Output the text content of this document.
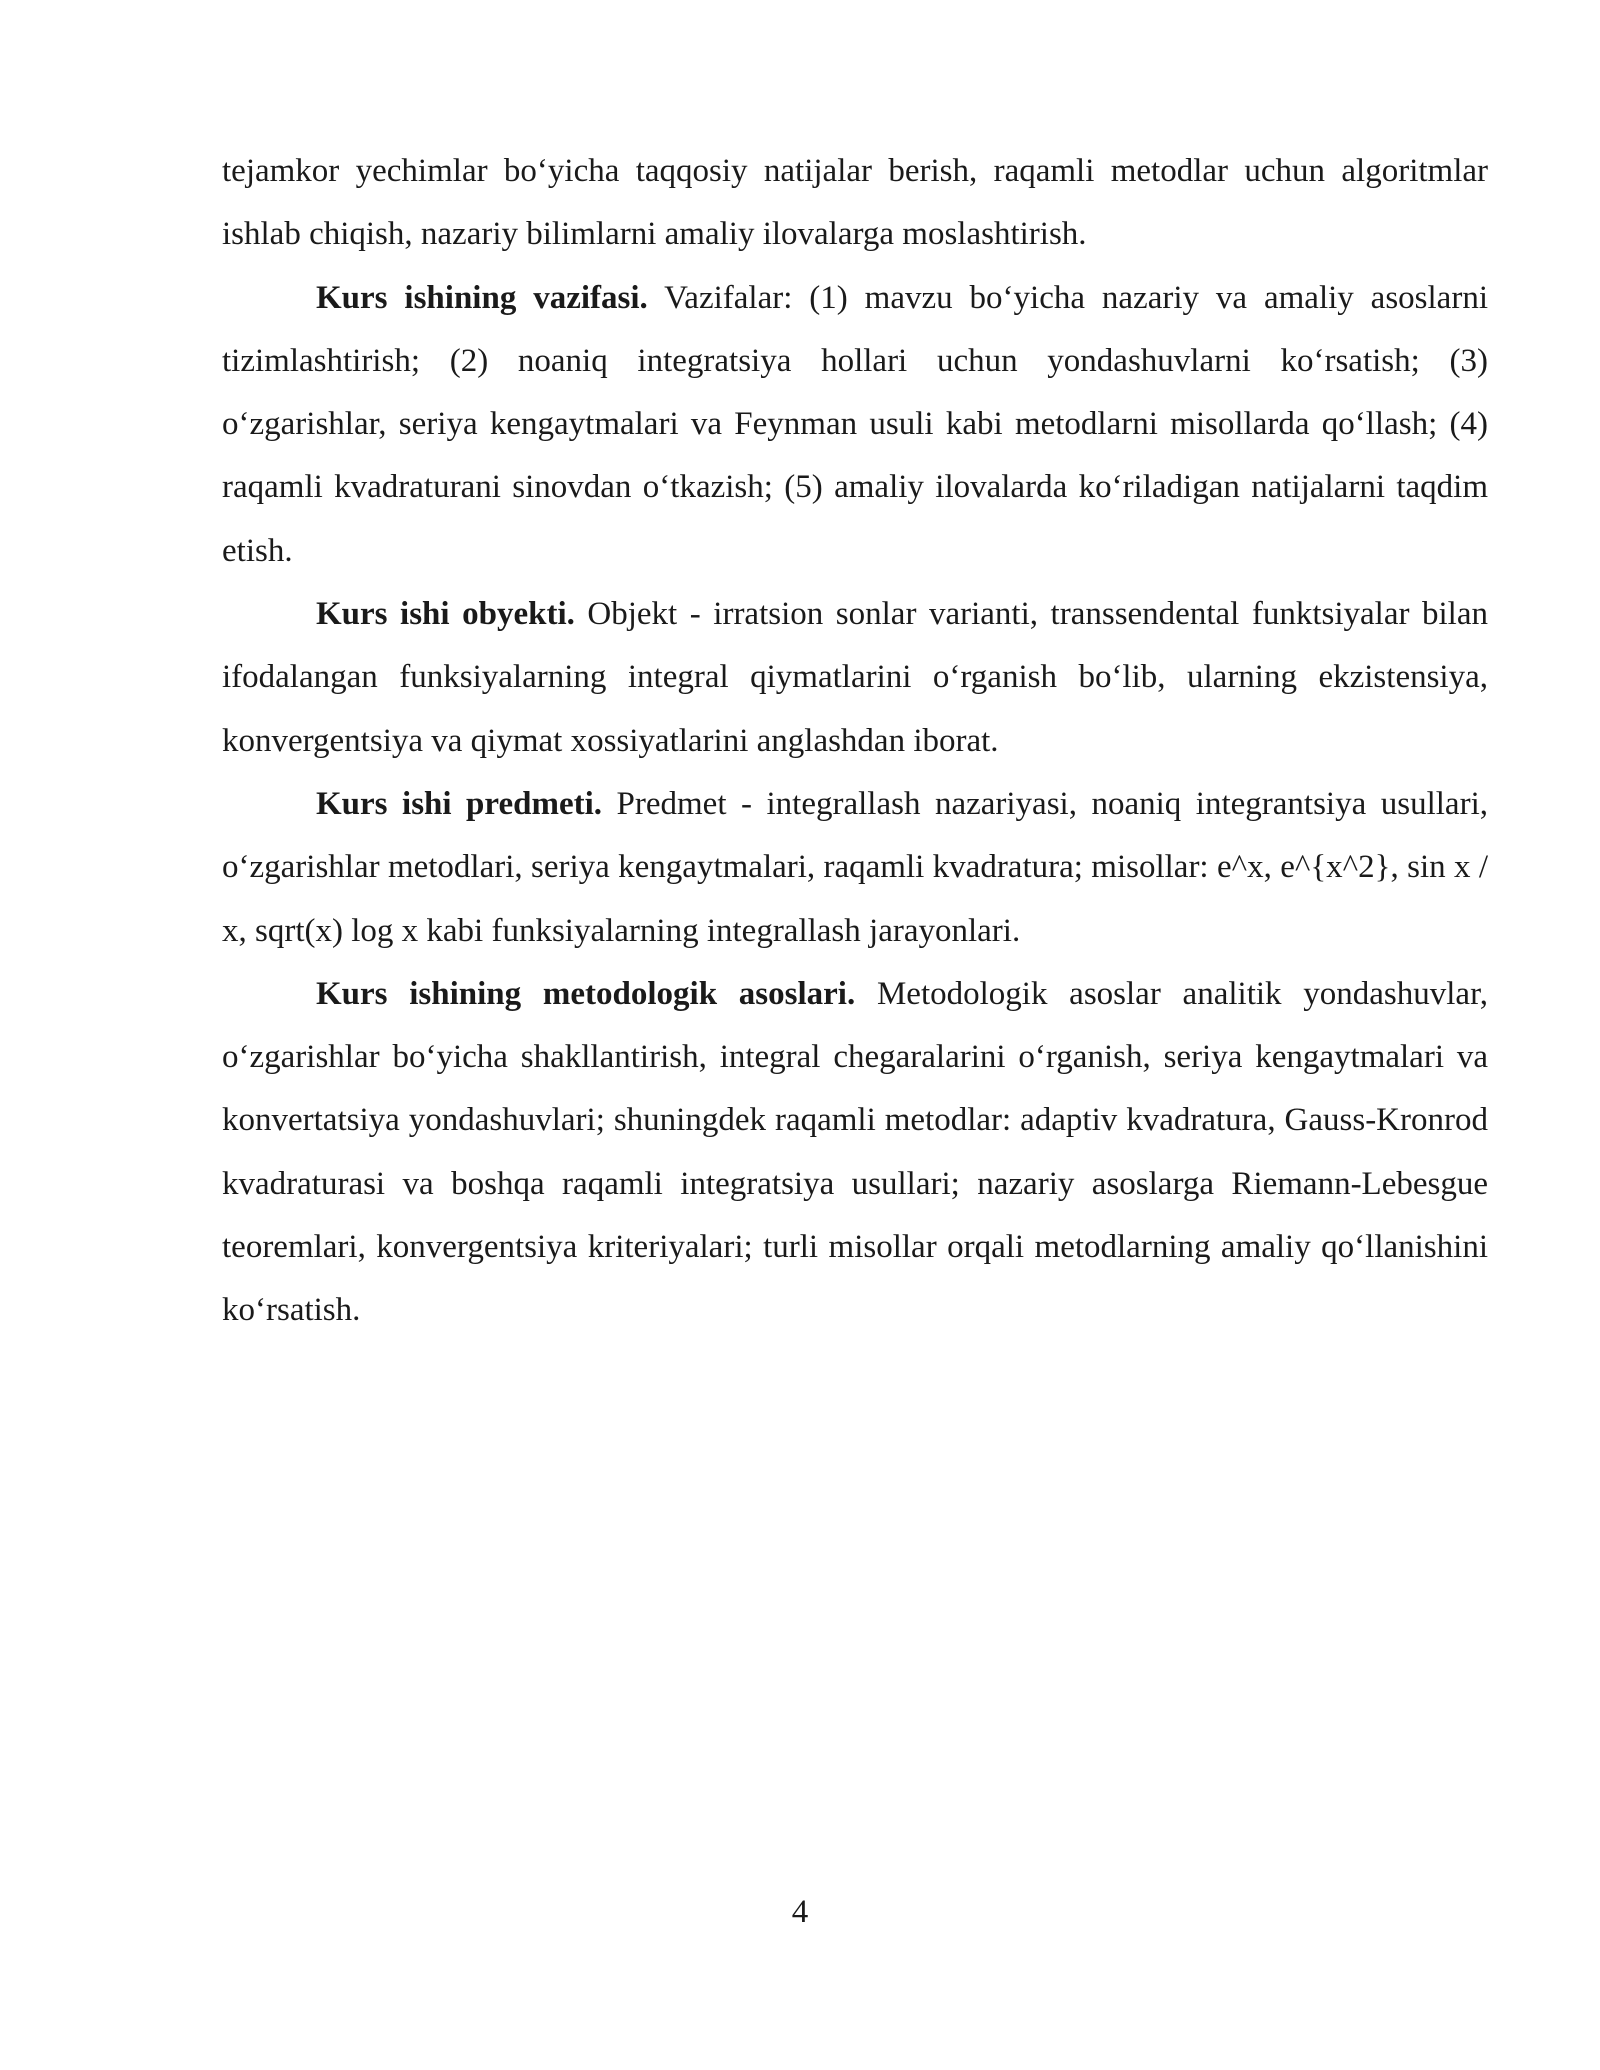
tejamkor yechimlar bo‘yicha taqqosiy natijalar berish, raqamli metodlar uchun algoritmlar ishlab chiqish, nazariy bilimlarni amaliy ilovalarga moslashtirish.

Kurs ishining vazifasi. Vazifalar: (1) mavzu bo‘yicha nazariy va amaliy asoslarni tizimlashtirish; (2) noaniq integratsiya hollari uchun yondashuvlarni ko‘rsatish; (3) o‘zgarishlar, seriya kengaytmalari va Feynman usuli kabi metodlarni misollarda qo‘llash; (4) raqamli kvadraturani sinovdan o‘tkazish; (5) amaliy ilovalarda ko‘riladigan natijalarni taqdim etish.

Kurs ishi obyekti. Objekt - irratsion sonlar varianti, transsendental funktsiyalar bilan ifodalangan funksiyalarning integral qiymatlarini o‘rganish bo‘lib, ularning ekzistensiya, konvergentsiya va qiymat xossiyatlarini anglashdan iborat.

Kurs ishi predmeti. Predmet - integrallash nazariyasi, noaniq integrantsiya usullari, o‘zgarishlar metodlari, seriya kengaytmalari, raqamli kvadratura; misollar: e^x, e^{x^2}, sin x / x, sqrt(x) log x kabi funksiyalarning integrallash jarayonlari.

Kurs ishining metodologik asoslari. Metodologik asoslar analitik yondashuvlar, o‘zgarishlar bo‘yicha shakllantirish, integral chegaralarini o‘rganish, seriya kengaytmalari va konvertatsiya yondashuvlari; shuningdek raqamli metodlar: adaptiv kvadratura, Gauss-Kronrod kvadraturasi va boshqa raqamli integratsiya usullari; nazariy asoslarga Riemann-Lebesgue teoremlari, konvergentsiya kriteriyalari; turli misollar orqali metodlarning amaliy qo‘llanishini ko‘rsatish.

4
